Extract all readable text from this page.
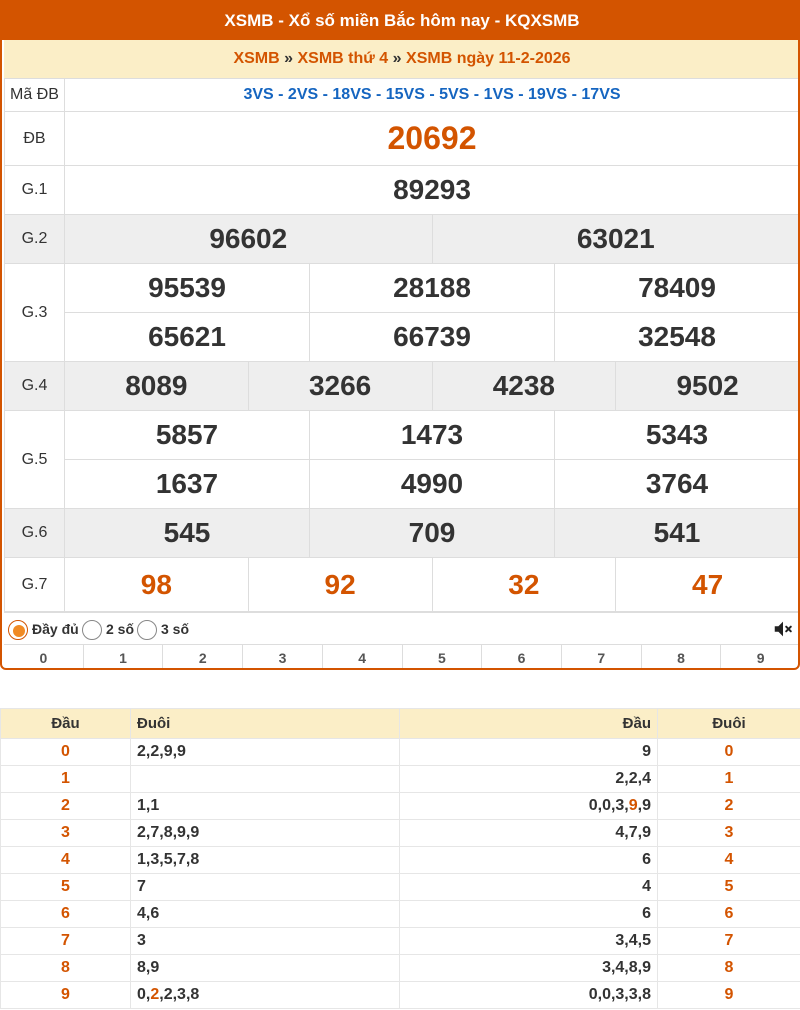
XSMB - Xổ số miền Bắc hôm nay - KQXSMB
XSMB » XSMB thứ 4 » XSMB ngày 11-2-2026
Mã ĐB	3VS - 2VS - 18VS - 15VS - 5VS - 1VS - 19VS - 17VS					
ĐB	20692					
G.1	89293					
G.2	96602			63021		
G.3	95539		28188		78409	
	65621		66739		32548	
G.4	8089	3266		4238		9502
G.5	5857		1473		5343	
	1637		4990		3764	
G.6	545		709		541	
G.7	98	92		32		47
Đầy đủ	2 số	3 số
0	1	2	3	4	5	6	7	8	9
Đầu	Đuôi	Đầu	Đuôi
0	2,2,9,9	9	0
1		2,2,4	1
2	1,1	0,0,3,9,9	2
3	2,7,8,9,9	4,7,9	3
4	1,3,5,7,8	6	4
5	7	4	5
6	4,6	6	6
7	3	3,4,5	7
8	8,9	3,4,8,9	8
9	0,2,2,3,8	0,0,3,3,8	9
